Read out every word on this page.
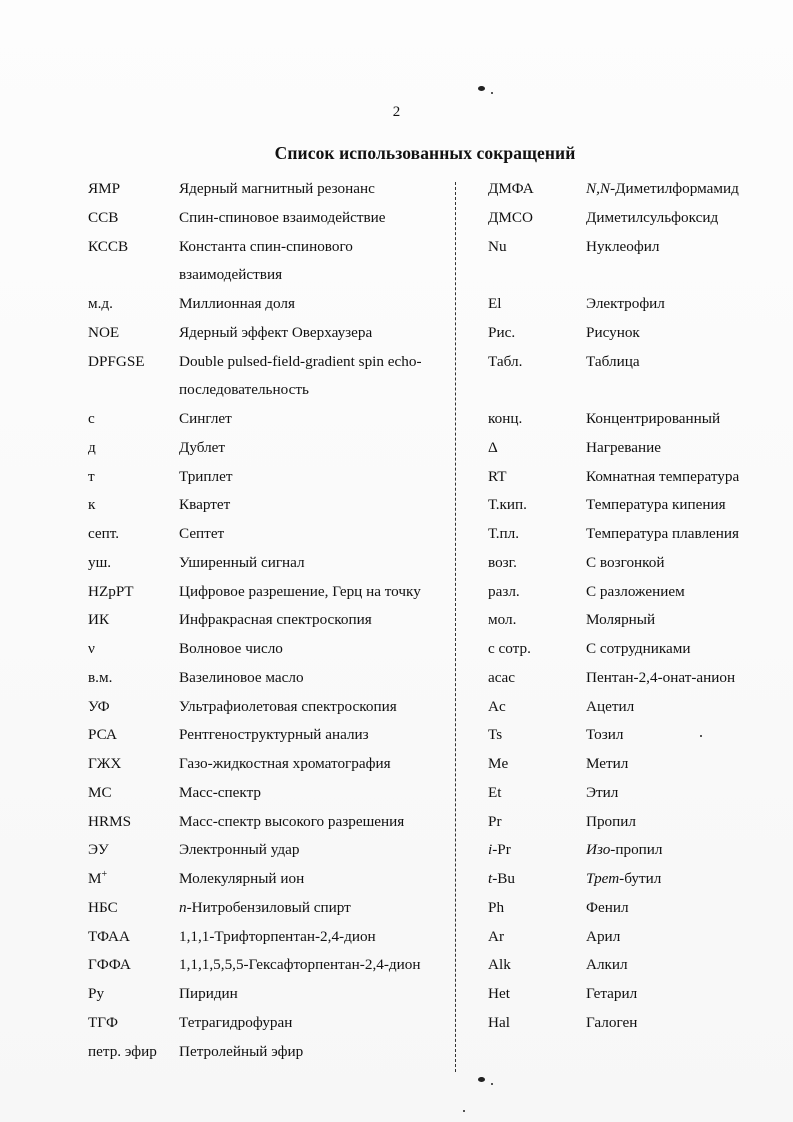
2
Список использованных сокращений
ЯМР	Ядерный магнитный резонанс
ССВ	Спин-спиновое взаимодействие
КССВ	Константа спин-спинового
взаимодействия
м.д.	Миллионная доля
NOE	Ядерный эффект Оверхаузера
DPFGSE Double pulsed-field-gradient spin echo-
последовательность
с	Синглет
д	Дублет
т	Триплет
к	Квартет
септ.	Септет
уш.	Уширенный сигнал
HZpPT	Цифровое разрешение, Герц на точку
ИК	Инфракрасная спектроскопия
ν	Волновое число
в.м.	Вазелиновое масло
УФ	Ультрафиолетовая спектроскопия
РСА	Рентгеноструктурный анализ
ГЖХ	Газо-жидкостная хроматография
МС	Масс-спектр
HRMS	Масс-спектр высокого разрешения
ЭУ	Электронный удар
М+	Молекулярный ион
НБС	n-Нитробензиловый спирт
ТФАА	1,1,1-Трифторпентан-2,4-дион
ГФФА	1,1,1,5,5,5-Гексафторпентан-2,4-дион
Ру	Пиридин
ТГФ	Тетрагидрофуран
петр. эфир Петролейный эфир
ДМФА	N,N-Диметилформамид
ДМСО	Диметилсульфоксид
Nu	Нуклеофил
El	Электрофил
Рис.	Рисунок
Табл.	Таблица
конц.	Концентрированный
Δ	Нагревание
RT	Комнатная температура
Т.кип.	Температура кипения
Т.пл.	Температура плавления
возг.	С возгонкой
разл.	С разложением
мол.	Молярный
с сотр.	С сотрудниками
acac	Пентан-2,4-онат-анион
Ac	Ацетил
Ts	Тозил
Me	Метил
Et	Этил
Pr	Пропил
i-Pr	Изо-пропил
t-Bu	Трет-бутил
Ph	Фенил
Ar	Арил
Alk	Алкил
Het	Гетарил
Hal	Галоген
